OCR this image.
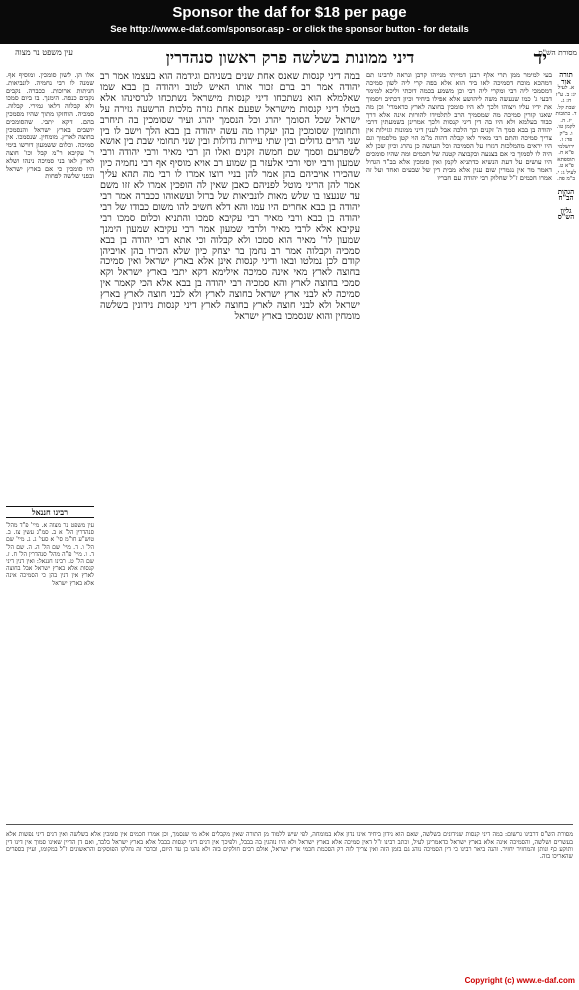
Sponsor the daf for $18 per page
See http://www.e-daf.com/sponsor.asp - or click the sponsor button - for details
עין משפט נר מצוה	דיני ממונות בשלשה פרק ראשון סנהדרין	יד
מסורת הש"ס

אלו הן. לשון סומכין. ומוסיף אף. שמנה לו רבי נחמיה. לונביאות. חניתות ארוכות. ככברה. נקבים נקבים כנפה. הימנך. בו ביום סמכו ולא קבלוה דלאו גמירי. קבלוה. סמכיה. הוחזקו מתוך שהיו מסמכין בהם. דקא יתבי. שהסומכים יושבים בארץ ישראל והנסמכין בחוצה לארץ. מומחין. שנסמכו. אין סמיכה. וכלום ששמעון דורשו בימי ר' עקיבא ר"מ קבל וכו' חוצה לארץ לאו בני סמיכה נינהו ושלא היו סומכין כי אם בארץ ישראל ובפני שלשה לפחות

רבינו חננאל

עין משפט נר מצוה א. מיי' פ"ד מהל' סנהדרין הל' א ב. סמ"ג עשין צז. ב. טוש"ע חו"מ סי' א סעי' ג. ג. מיי' שם הל' ו. ד. מיי' שם הל' ה. ה. שם הל' ד. ו. מיי' פ"ה מהל' סנהדרין הל' ח. ז. שם הל' ט. רבינו חננאל: ואין דנין דיני קנסות אלא בארץ ישראל אבל בחוצה לארץ אין דנין בהן כי הסמיכה אינה אלא בארץ ישראל

במה דיני קנסות שאנס אחת שנים בשניהם וגידמה הוא בעצמו אמר רב יהודה אמר רב ברם זכור אותו האיש לטוב ויהודה בן בבא שמו שאלמלא הוא נשתכחו דיני קנסות מישראל נשתכחו לגרסינהו אלא בטלו דיני קנסות מישראל שפעם אחת גזרה מלכות הרשעה גזירה על ישראל שכל הסומך יהרג וכל הנסמך יהרג ועיר שסומכין בה תיחרב ותחומין שסומכין בהן יעקרו מה עשה יהודה בן בבא הלך וישב לו בין שני הרים גדולים ובין שתי עיירות גדולות ובין שני תחומי שבת בין אושא לשפרעם וסמך שם חמשה זקנים ואלו הן רבי מאיר ורבי יהודה ורבי שמעון ורבי יוסי ורבי אלעזר בן שמוע רב אויא מוסיף אף רבי נחמיה כיון שהכירו אויביהם בהן אמר להן בניי רוצו אמרו לו רבי מה תהא עליך אמר להן הריני מוטל לפניהם כאבן שאין לה הופכין אמרו לא זזו משם עד שנעצו בו שלש מאות לונביאות של ברזל ועשאוהו ככברה אמר רבי יהודה בן בבא אחרים היו עמו והא דלא חשיב להו משום כבודו של רבי יהודה בן בבא ורבי מאיר רבי עקיבא סמכו והתניא וכלום סמכו רבי עקיבא אלא לרבי מאיר ולרבי שמעון אמר רבי עקיבא שמעון הימנך שמעון לר' מאיר הוא סמכו ולא קבלוה וכי אתא רבי יהודה בן בבא סמכיה וקבלוה אמר רב נחמן בר יצחק כיון שלא הכירו בהן אויביהן קודם לכן נמלטו ובאו ודיני קנסות אינן אלא בארץ ישראל ואין סמיכה בחוצה לארץ מאי אינה סמיכה אילימא דקא יתבי בארץ ישראל וקא סמכי בחוצה לארץ והא סמכיה רבי יהודה בן בבא אלא הכי קאמר אין סמיכה לא לבני ארץ ישראל בחוצה לארץ ולא לבני חוצה לארץ בארץ ישראל ולא לבני חוצה לארץ בחוצה לארץ דיני קנסות נידונין בשלשה מומחין והוא שנסמכו בארץ ישראל

בעי למימר ממן תרי אלף רבנן דמייתי מנייהו קרבן ונראה לרבינו תם דמהכא מוכח דסמיכה לאו ביד הוא אלא בפה קרי ליה לשון סמיכה דמסמכי ליה רבי ומקרי ליה רבי וכן משמע בכמה דוכתי וליכא למימר דבעי ג' כמו שנעשה משה ליהושע אלא אפילו ביחיד וכיון דכתיב ויסמוך את ידיו עליו ויצוהו ולכך לא היו סומכין בחוצה לארץ כדאמרי' וכן מה שאנו קורין סמיכה מה שמסמיך הרב לתלמידו להורות אינה אלא דרך כבוד בעלמא ולא היו בה דין דיני קנסות ולכך אמרינן בשמעתין דרבי יהודה בן בבא סמך ה' זקנים וכך הלכה אבל לענין דיני ממונות וגזילות אין צריך סמיכה והתם רבי מאיר לאו קבלה דהוה מ"מ הוי קטן מלסמוך וגם היו יראים מהמלכות דגזרו על הסמיכה וכל העושה כן נהרג וכיון שכן לא היה לו לסמוך כי אם בצנעה ובקבוצה קטנה של חכמים ומה שהיו סומכים היו עושים על דעת הנשיא כדתניא לקמן ואין סומכין אלא בב"ד הגדול דאמר מר אין נגמרין שום ענין אלא מבית דין של שבעים ואחד ועל זה אמרו חכמים ז"ל שחלוק רבי יהודה עם חבריו

תורה אור

א. לעיל יג: ב. ע"ז ח: ג. שבת קל. ד. כתובות יז. ה. לקמן טו. ו. ב"ק פד: ז. ירושלמי פ"א ח. תוספתא פ"א ט. לעיל ג: י. ב"מ פה.

הגהות הב"ח
גליון הש"ס

מסורת הש"ס דרבינו גרשום: במה דיני קנסות שנידונים בשלשה, שאם הוא נידון ביחיד אינו נדון אלא במומחה, לפי שיש ללמוד מן התורה שאין מקבלים אלא מי שנסמך, וכן אמרו חכמים אין סומכין אלא בשלשה ואין דנים דיני נפשות אלא בעשרים ושלשה, והסמיכה אינה אלא בארץ ישראל כדאמרינן לעיל, וכתב רבינו ז"ל דאין סמיכה אלא בארץ ישראל ולא היו נוהגין בה בבבל, ולפיכך אין דנים דיני קנסות בבבל אלא בארץ ישראל בלבד, ואם דן הדיין שאינו סמוך אין דינו דין ותוקע כף ונותן והמחזיר יחזיר. והנה ביאר רבינו כי דין הסמיכה נוהג גם בזמן הזה ואין צריך לזה רק הסכמת חכמי ארץ ישראל, אולם רבים חולקים בזה ולא נהגו כן עד היום, ובדבר זה נחלקו הפוסקים והראשונים ז"ל במקומו, ועיין בספרים שהאריכו בזה.

Copyright (c) www.e-daf.com
